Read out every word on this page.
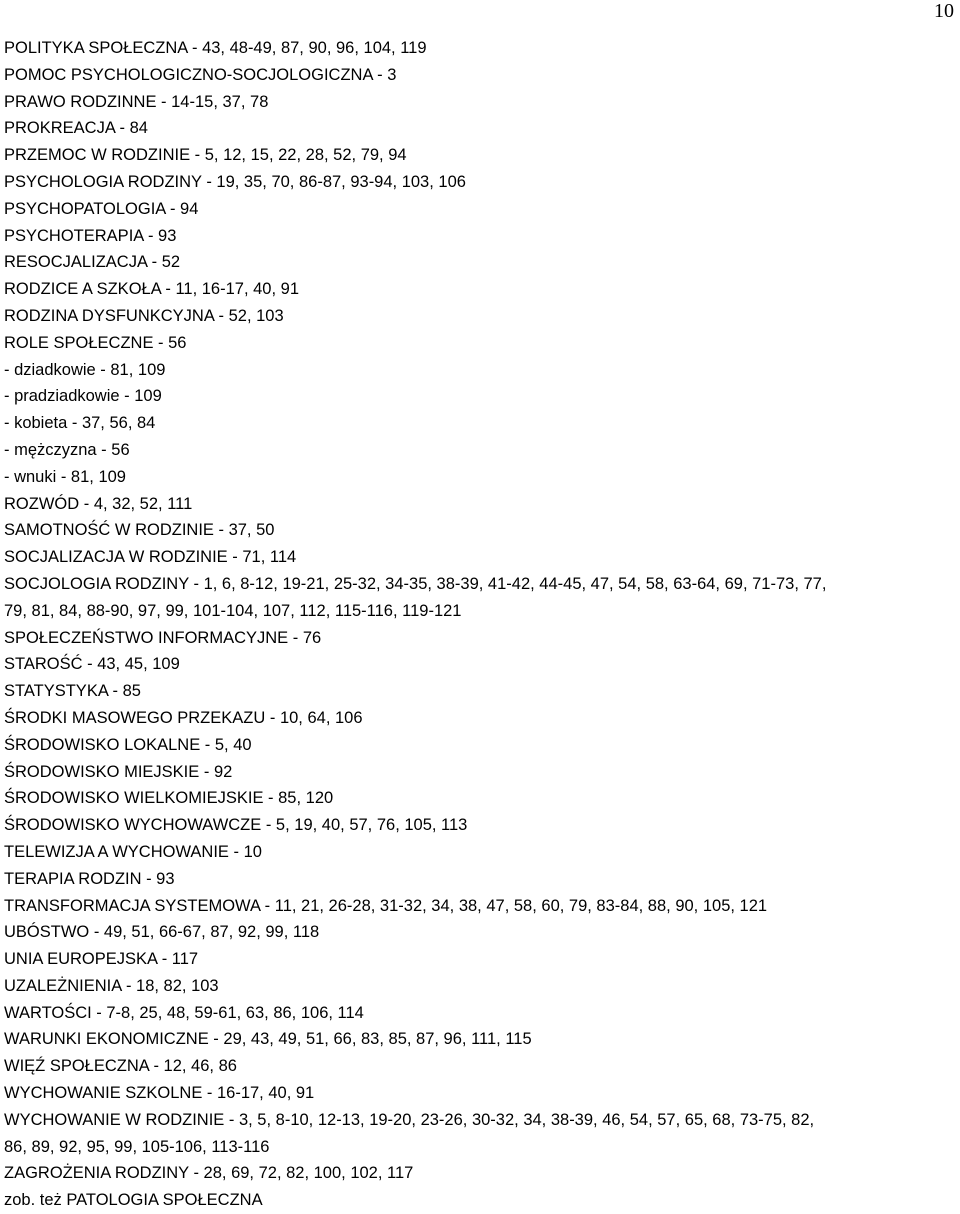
10
POLITYKA SPOŁECZNA - 43, 48-49, 87, 90, 96, 104, 119
POMOC PSYCHOLOGICZNO-SOCJOLOGICZNA - 3
PRAWO RODZINNE - 14-15, 37, 78
PROKREACJA - 84
PRZEMOC W RODZINIE - 5, 12, 15, 22, 28, 52, 79, 94
PSYCHOLOGIA RODZINY - 19, 35, 70, 86-87, 93-94, 103, 106
PSYCHOPATOLOGIA - 94
PSYCHOTERAPIA - 93
RESOCJALIZACJA - 52
RODZICE A SZKOŁA - 11, 16-17, 40, 91
RODZINA DYSFUNKCYJNA - 52, 103
ROLE SPOŁECZNE - 56
- dziadkowie - 81, 109
- pradziadkowie - 109
- kobieta - 37, 56, 84
- mężczyzna - 56
- wnuki - 81, 109
ROZWÓD - 4, 32, 52, 111
SAMOTNOŚĆ W RODZINIE - 37, 50
SOCJALIZACJA W RODZINIE - 71, 114
SOCJOLOGIA RODZINY - 1, 6, 8-12, 19-21, 25-32, 34-35, 38-39, 41-42, 44-45, 47, 54, 58, 63-64, 69, 71-73, 77,
79, 81, 84, 88-90, 97, 99, 101-104, 107, 112, 115-116, 119-121
SPOŁECZEŃSTWO INFORMACYJNE - 76
STAROŚĆ - 43, 45, 109
STATYSTYKA - 85
ŚRODKI MASOWEGO PRZEKAZU - 10, 64, 106
ŚRODOWISKO LOKALNE - 5, 40
ŚRODOWISKO MIEJSKIE - 92
ŚRODOWISKO WIELKOMIEJSKIE - 85, 120
ŚRODOWISKO WYCHOWAWCZE - 5, 19, 40, 57, 76, 105, 113
TELEWIZJA A WYCHOWANIE - 10
TERAPIA RODZIN - 93
TRANSFORMACJA SYSTEMOWA - 11, 21, 26-28, 31-32, 34, 38, 47, 58, 60, 79, 83-84, 88, 90, 105, 121
UBÓSTWO - 49, 51, 66-67, 87, 92, 99, 118
UNIA EUROPEJSKA - 117
UZALEŻNIENIA - 18, 82, 103
WARTOŚCI - 7-8, 25, 48, 59-61, 63, 86, 106, 114
WARUNKI EKONOMICZNE - 29, 43, 49, 51, 66, 83, 85, 87, 96, 111, 115
WIĘŹ SPOŁECZNA - 12, 46, 86
WYCHOWANIE SZKOLNE - 16-17, 40, 91
WYCHOWANIE W RODZINIE - 3, 5, 8-10, 12-13, 19-20, 23-26, 30-32, 34, 38-39, 46, 54, 57, 65, 68, 73-75, 82,
86, 89, 92, 95, 99, 105-106, 113-116
ZAGROŻENIA RODZINY - 28, 69, 72, 82, 100, 102, 117
zob. też PATOLOGIA SPOŁECZNA
